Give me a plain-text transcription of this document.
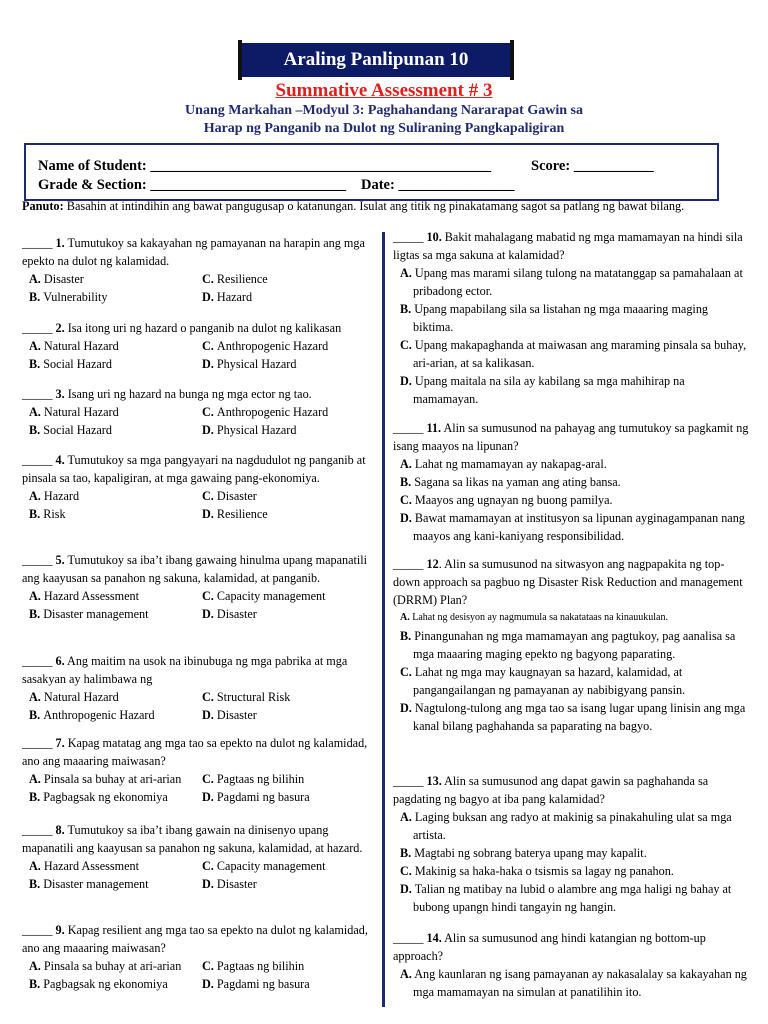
Araling Panlipunan 10
Summative Assessment # 3
Unang Markahan –Modyul 3: Paghahandang Nararapat Gawin sa
Harap ng Panganib na Dulot ng Suliraning Pangkapaligiran
Name of Student: _______________________________________________	Score: ___________
Grade & Section: ___________________________ Date: ________________
Panuto: Basahin at intindihin ang bawat pangugusap o katanungan. Isulat ang titik ng pinakatamang sagot sa patlang ng bawat bilang.

_____ 1. Tumutukoy sa kakayahan ng pamayanan na harapin ang mga epekto na dulot ng kalamidad.

A. Disaster	C. Resilience
B. Vulnerability	D. Hazard

_____ 2. Isa itong uri ng hazard o panganib na dulot ng kalikasan

A. Natural Hazard	C. Anthropogenic Hazard
B. Social Hazard	D. Physical Hazard

_____ 3. Isang uri ng hazard na bunga ng mga ector ng tao.

A. Natural Hazard	C. Anthropogenic Hazard
B. Social Hazard	D. Physical Hazard

_____ 4. Tumutukoy sa mga pangyayari na nagdudulot ng panganib at pinsala sa tao, kapaligiran, at mga gawaing pang-ekonomiya.

A. Hazard	C. Disaster
B. Risk	D. Resilience

_____ 5. Tumutukoy sa iba’t ibang gawaing hinulma upang mapanatili ang kaayusan sa panahon ng sakuna, kalamidad, at panganib.

A. Hazard Assessment	C. Capacity management
B. Disaster management	D. Disaster

_____ 6. Ang maitim na usok na ibinubuga ng mga pabrika at mga sasakyan ay halimbawa ng

A. Natural Hazard	C. Structural Risk
B. Anthropogenic Hazard	D. Disaster

_____ 7. Kapag matatag ang mga tao sa epekto na dulot ng kalamidad, ano ang maaaring maiwasan?

A. Pinsala sa buhay at ari-arian	C. Pagtaas ng bilihin
B. Pagbagsak ng ekonomiya	D. Pagdami ng basura

_____ 8. Tumutukoy sa iba’t ibang gawain na dinisenyo upang mapanatili ang kaayusan sa panahon ng sakuna, kalamidad, at hazard.

A. Hazard Assessment	C. Capacity management
B. Disaster management	D. Disaster

_____ 9. Kapag resilient ang mga tao sa epekto na dulot ng kalamidad, ano ang maaaring maiwasan?

A. Pinsala sa buhay at ari-arian	C. Pagtaas ng bilihin
B. Pagbagsak ng ekonomiya	D. Pagdami ng basura

_____ 10. Bakit mahalagang mabatid ng mga mamamayan na hindi sila ligtas sa mga sakuna at kalamidad?

A. Upang mas marami silang tulong na matatanggap sa pamahalaan at pribadong ector.
B. Upang mapabilang sila sa listahan ng mga maaaring maging biktima.
C. Upang makapaghanda at maiwasan ang maraming pinsala sa buhay, ari-arian, at sa kalikasan.
D. Upang maitala na sila ay kabilang sa mga mahihirap na mamamayan.

_____ 11. Alin sa sumusunod na pahayag ang tumutukoy sa pagkamit ng isang maayos na lipunan?

A. Lahat ng mamamayan ay nakapag-aral.
B. Sagana sa likas na yaman ang ating bansa.
C. Maayos ang ugnayan ng buong pamilya.
D. Bawat mamamayan at institusyon sa lipunan ayginagampanan nang maayos ang kani-kaniyang responsibilidad.

_____ 12. Alin sa sumusunod na sitwasyon ang nagpapakita ng top-down approach sa pagbuo ng Disaster Risk Reduction and management (DRRM) Plan?

A. Lahat ng desisyon ay nagmumula sa nakatataas na kinauukulan.
B. Pinangunahan ng mga mamamayan ang pagtukoy, pag aanalisa sa mga maaaring maging epekto ng bagyong paparating.
C. Lahat ng mga may kaugnayan sa hazard, kalamidad, at pangangailangan ng pamayanan ay nabibigyang pansin.
D. Nagtulong-tulong ang mga tao sa isang lugar upang linisin ang mga kanal bilang paghahanda sa paparating na bagyo.

_____ 13. Alin sa sumusunod ang dapat gawin sa paghahanda sa pagdating ng bagyo at iba pang kalamidad?

A. Laging buksan ang radyo at makinig sa pinakahuling ulat sa mga artista.
B. Magtabi ng sobrang baterya upang may kapalit.
C. Makinig sa haka-haka o tsismis sa lagay ng panahon.
D. Talian ng matibay na lubid o alambre ang mga haligi ng bahay at bubong upangn hindi tangayin ng hangin.

_____ 14. Alin sa sumusunod ang hindi katangian ng bottom-up approach?

A. Ang kaunlaran ng isang pamayanan ay nakasalalay sa kakayahan ng mga mamamayan na simulan at panatilihin ito.
